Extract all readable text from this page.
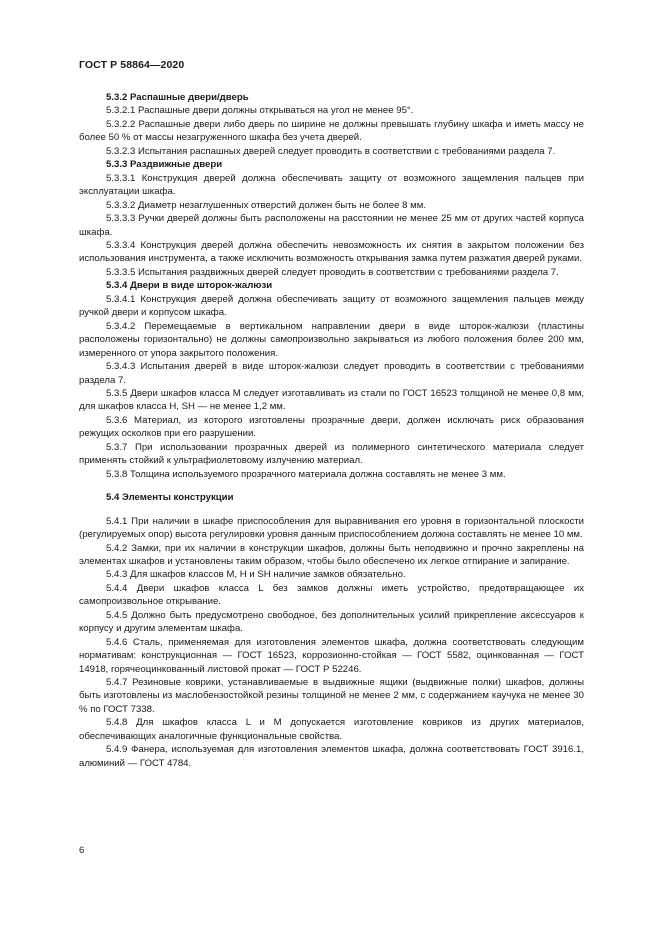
ГОСТ Р 58864—2020

5.3.2 Распашные двери/дверь

5.3.2.1 Распашные двери должны открываться на угол не менее 95°.

5.3.2.2 Распашные двери либо дверь по ширине не должны превышать глубину шкафа и иметь массу не более 50 % от массы незагруженного шкафа без учета дверей.

5.3.2.3 Испытания распашных дверей следует проводить в соответствии с требованиями раздела 7.

5.3.3 Раздвижные двери

5.3.3.1 Конструкция дверей должна обеспечивать защиту от возможного защемления пальцев при эксплуатации шкафа.

5.3.3.2 Диаметр незаглушенных отверстий должен быть не более 8 мм.

5.3.3.3 Ручки дверей должны быть расположены на расстоянии не менее 25 мм от других частей корпуса шкафа.

5.3.3.4 Конструкция дверей должна обеспечить невозможность их снятия в закрытом положении без использования инструмента, а также исключить возможность открывания замка путем разжатия дверей руками.

5.3.3.5 Испытания раздвижных дверей следует проводить в соответствии с требованиями раздела 7.

5.3.4 Двери в виде шторок-жалюзи

5.3.4.1 Конструкция дверей должна обеспечивать защиту от возможного защемления пальцев между ручкой двери и корпусом шкафа.

5.3.4.2 Перемещаемые в вертикальном направлении двери в виде шторок-жалюзи (пластины расположены горизонтально) не должны самопроизвольно закрываться из любого положения более 200 мм, измеренного от упора закрытого положения.

5.3.4.3 Испытания дверей в виде шторок-жалюзи следует проводить в соответствии с требованиями раздела 7.

5.3.5 Двери шкафов класса М следует изготавливать из стали по ГОСТ 16523 толщиной не менее 0,8 мм, для шкафов класса Н, SH — не менее 1,2 мм.

5.3.6 Материал, из которого изготовлены прозрачные двери, должен исключать риск образования режущих осколков при его разрушении.

5.3.7 При использовании прозрачных дверей из полимерного синтетического материала следует применять стойкий к ультрафиолетовому излучению материал.

5.3.8 Толщина используемого прозрачного материала должна составлять не менее 3 мм.

5.4 Элементы конструкции

5.4.1 При наличии в шкафе приспособления для выравнивания его уровня в горизонтальной плоскости (регулируемых опор) высота регулировки уровня данным приспособлением должна составлять не менее 10 мм.

5.4.2 Замки, при их наличии в конструкции шкафов, должны быть неподвижно и прочно закреплены на элементах шкафов и установлены таким образом, чтобы было обеспечено их легкое отпирание и запирание.

5.4.3 Для шкафов классов М, Н и SH наличие замков обязательно.

5.4.4 Двери шкафов класса L без замков должны иметь устройство, предотвращающее их самопроизвольное открывание.

5.4.5 Должно быть предусмотрено свободное, без дополнительных усилий прикрепление аксессуаров к корпусу и другим элементам шкафа.

5.4.6 Сталь, применяемая для изготовления элементов шкафа, должна соответствовать следующим нормативам: конструкционная — ГОСТ 16523, коррозионно-стойкая — ГОСТ 5582, оцинкованная — ГОСТ 14918, горячеоцинкованный листовой прокат — ГОСТ Р 52246.

5.4.7 Резиновые коврики, устанавливаемые в выдвижные ящики (выдвижные полки) шкафов, должны быть изготовлены из маслобензостойкой резины толщиной не менее 2 мм, с содержанием каучука не менее 30 % по ГОСТ 7338.

5.4.8 Для шкафов класса L и М допускается изготовление ковриков из других материалов, обеспечивающих аналогичные функциональные свойства.

5.4.9 Фанера, используемая для изготовления элементов шкафа, должна соответствовать ГОСТ 3916.1, алюминий — ГОСТ 4784.

6
